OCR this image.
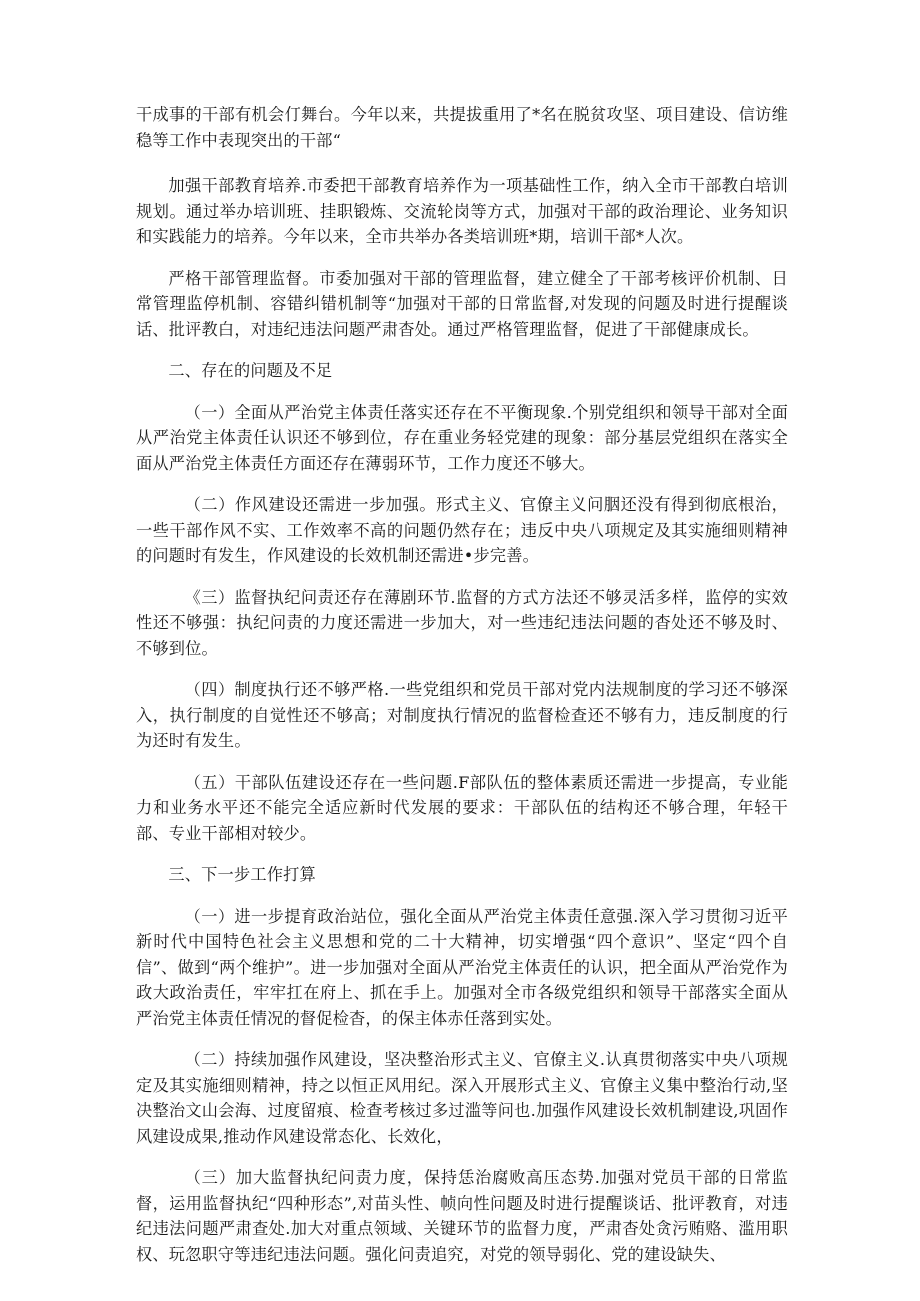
干成事的干部有机会仃舞台。今年以来，共提拔重用了*名在脱贫攻坚、项目建设、信访维稳等工作中表现突出的干部“

加强干部教育培养.市委把干部教育培养作为一项基础性工作，纳入全市干部教白培训规划。通过举办培训班、挂职锻炼、交流轮岗等方式，加强对干部的政治理论、业务知识和实践能力的培养。今年以来，全市共举办各类培训班*期，培训干部*人次。

严格干部管理监督。市委加强对干部的管理监督，建立健全了干部考核评价机制、日常管理监停机制、容错纠错机制等“加强对干部的日常监督,对发现的问题及时进行提醒谈话、批评教白，对违纪违法问题严肃杳处。通过严格管理监督，促进了干部健康成长。

二、存在的问题及不足

（一）全面从严治党主体责任落实还存在不平衡现象.个别党组织和领导干部对全面从严治党主体责任认识还不够到位，存在重业务轻党建的现象：部分基层党组织在落实全面从严治党主体责任方面还存在薄弱环节，工作力度还不够大。

（二）作风建设还需进一步加强。形式主义、官僚主义问胭还没有得到彻底根治，一些干部作风不实、工作效率不高的问题仍然存在；违反中央八项规定及其实施细则精神的问题时有发生，作风建设的长效机制还需进•步完善。

《三）监督执纪问责还存在薄剧环节.监督的方式方法还不够灵活多样，监停的实效性还不够强：执纪问责的力度还需进一步加大，对一些违纪违法问题的杳处还不够及时、不够到位。

（四）制度执行还不够严格.一些党组织和党员干部对党内法规制度的学习还不够深入，执行制度的自觉性还不够高；对制度执行情况的监督检查还不够有力，违反制度的行为还时有发生。

（五）干部队伍建设还存在一些问题.F部队伍的整体素质还需进一步提高，专业能力和业务水平还不能完全适应新时代发展的要求：干部队伍的结构还不够合理，年轻干部、专业干部相对较少。

三、下一步工作打算

（一）进一步提育政治站位，强化全面从严治党主体责任意强.深入学习贯彻习近平新时代中国特色社会主义思想和党的二十大精神，切实增强“四个意识”、坚定“四个自信”、做到“两个维护”。进一步加强对全面从严治党主体责任的认识，把全面从严治党作为政大政治责任，牢牢扛在府上、抓在手上。加强对全市各级党组织和领导干部落实全面从严治党主体责任情况的督促检杳，的保主体赤任落到实处。

（二）持续加强作风建设，坚决整治形式主义、官僚主义.认真贯彻落实中央八项规定及其实施细则精神，持之以恒正风用纪。深入开展形式主义、官僚主义集中整治行动,坚决整治文山会海、过度留痕、检查考核过多过滥等问也.加强作风建设长效机制建设,巩固作风建设成果,推动作风建设常态化、长效化，

（三）加大监督执纪问责力度，保持恁治腐败高压态势.加强对党员干部的日常监督，运用监督执纪“四种形态”,对苗头性、帧向性问题及时进行提醒谈话、批评教育，对违纪违法问题严肃查处.加大对重点领域、关键环节的监督力度，严肃杳处贪污贿赂、滥用职权、玩忽职守等违纪违法问题。强化问责追究，对党的领导弱化、党的建设缺失、
